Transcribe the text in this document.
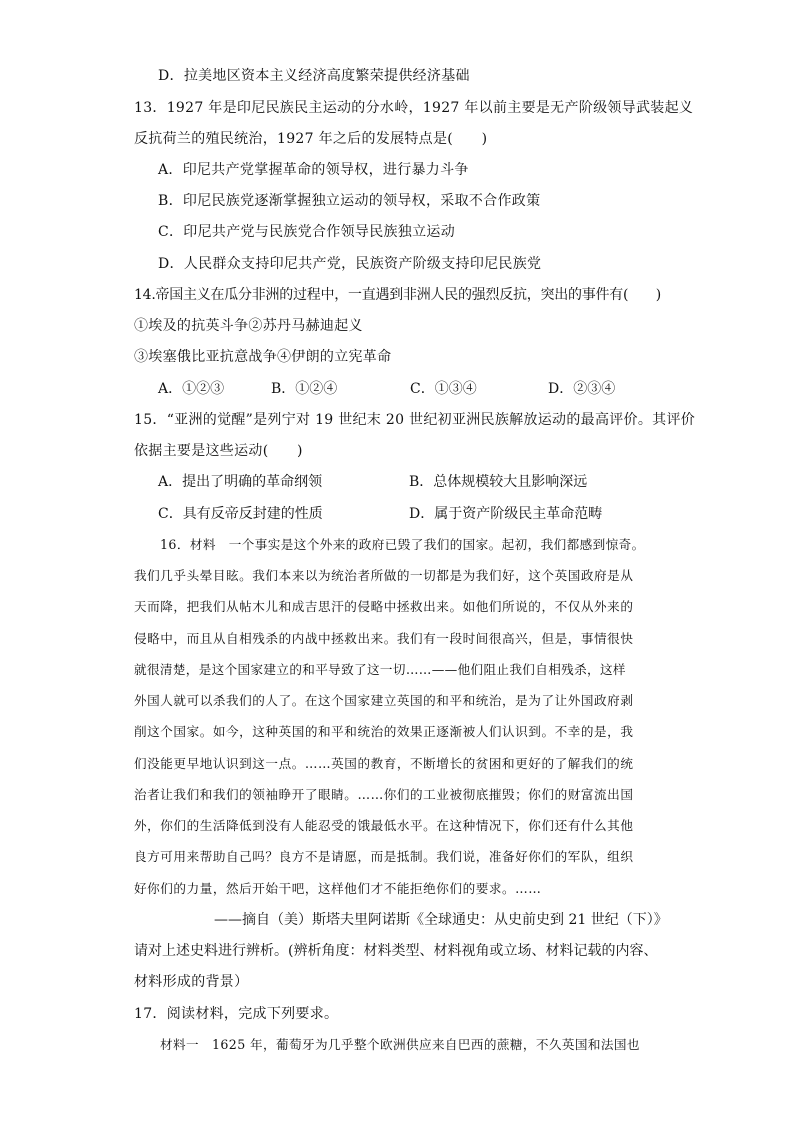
D．拉美地区资本主义经济高度繁荣提供经济基础
13．1927 年是印尼民族民主运动的分水岭，1927 年以前主要是无产阶级领导武装起义
反抗荷兰的殖民统治，1927 年之后的发展特点是(　　)
A．印尼共产党掌握革命的领导权，进行暴力斗争
B．印尼民族党逐渐掌握独立运动的领导权，采取不合作政策
C．印尼共产党与民族党合作领导民族独立运动
D．人民群众支持印尼共产党，民族资产阶级支持印尼民族党
14.帝国主义在瓜分非洲的过程中，一直遇到非洲人民的强烈反抗，突出的事件有(　　)
①埃及的抗英斗争②苏丹马赫迪起义
③埃塞俄比亚抗意战争④伊朗的立宪革命
A．①②③	B．①②④	C．①③④	D．②③④
15．“亚洲的觉醒”是列宁对 19 世纪末 20 世纪初亚洲民族解放运动的最高评价。其评价
依据主要是这些运动(　　)
A．提出了明确的革命纲领	B．总体规模较大且影响深远
C．具有反帝反封建的性质	D．属于资产阶级民主革命范畴
16．材料　一个事实是这个外来的政府已毁了我们的国家。起初，我们都感到惊奇。
我们几乎头晕目眩。我们本来以为统治者所做的一切都是为我们好，这个英国政府是从
天而降，把我们从帖木儿和成吉思汗的侵略中拯救出来。如他们所说的，不仅从外来的
侵略中，而且从自相残杀的内战中拯救出来。我们有一段时间很高兴，但是，事情很快
就很清楚，是这个国家建立的和平导致了这一切……——他们阻止我们自相残杀，这样
外国人就可以杀我们的人了。在这个国家建立英国的和平和统治，是为了让外国政府剥
削这个国家。如今，这种英国的和平和统治的效果正逐渐被人们认识到。不幸的是，我
们没能更早地认识到这一点。……英国的教育，不断增长的贫困和更好的了解我们的统
治者让我们和我们的领袖睁开了眼睛。……你们的工业被彻底摧毁；你们的财富流出国
外，你们的生活降低到没有人能忍受的饿最低水平。在这种情况下，你们还有什么其他
良方可用来帮助自己吗？良方不是请愿，而是抵制。我们说，准备好你们的军队，组织
好你们的力量，然后开始干吧，这样他们才不能拒绝你们的要求。……
——摘自（美）斯塔夫里阿诺斯《全球通史：从史前史到 21 世纪（下）》
请对上述史料进行辨析。(辨析角度：材料类型、材料视角或立场、材料记载的内容、
材料形成的背景）
17．阅读材料，完成下列要求。
材料一　1625 年，葡萄牙为几乎整个欧洲供应来自巴西的蔗糖，不久英国和法国也
